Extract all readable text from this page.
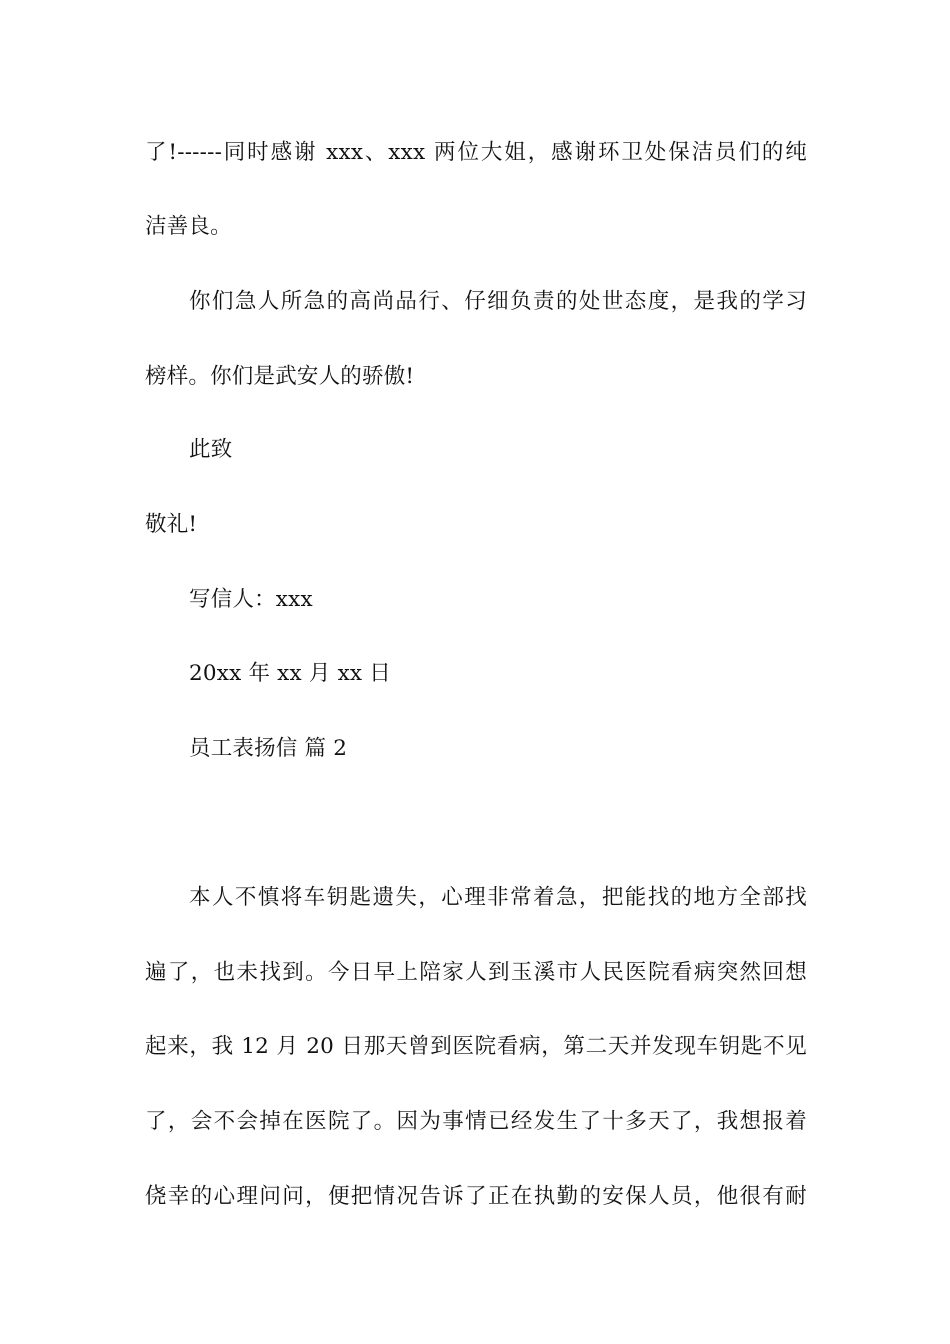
了!------同时感谢 xxx、xxx 两位大姐，感谢环卫处保洁员们的纯
洁善良。
你们急人所急的高尚品行、仔细负责的处世态度，是我的学习
榜样。你们是武安人的骄傲!
此致
敬礼!
写信人：xxx
20xx 年 xx 月 xx 日
员工表扬信 篇 2
本人不慎将车钥匙遗失，心理非常着急，把能找的地方全部找
遍了，也未找到。今日早上陪家人到玉溪市人民医院看病突然回想
起来，我 12 月 20 日那天曾到医院看病，第二天并发现车钥匙不见
了，会不会掉在医院了。因为事情已经发生了十多天了，我想报着
侥幸的心理问问，便把情况告诉了正在执勤的安保人员，他很有耐
